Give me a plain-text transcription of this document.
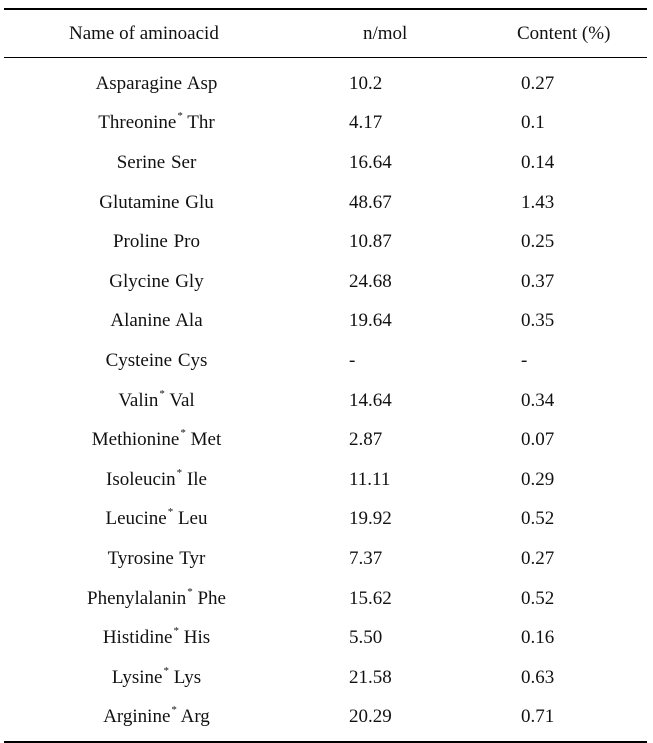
Name of aminoacid	n/mol	Content (%)
Asparagine Asp	10.2	0.27
Threonine* Thr	4.17	0.1
Serine Ser	16.64	0.14
Glutamine Glu	48.67	1.43
Proline Pro	10.87	0.25
Glycine Gly	24.68	0.37
Alanine Ala	19.64	0.35
Cysteine Cys	-	-
Valin* Val	14.64	0.34
Methionine* Met	2.87	0.07
Isoleucin* Ile	11.11	0.29
Leucine* Leu	19.92	0.52
Tyrosine Tyr	7.37	0.27
Phenylalanin* Phe	15.62	0.52
Histidine* His	5.50	0.16
Lysine* Lys	21.58	0.63
Arginine* Arg	20.29	0.71
